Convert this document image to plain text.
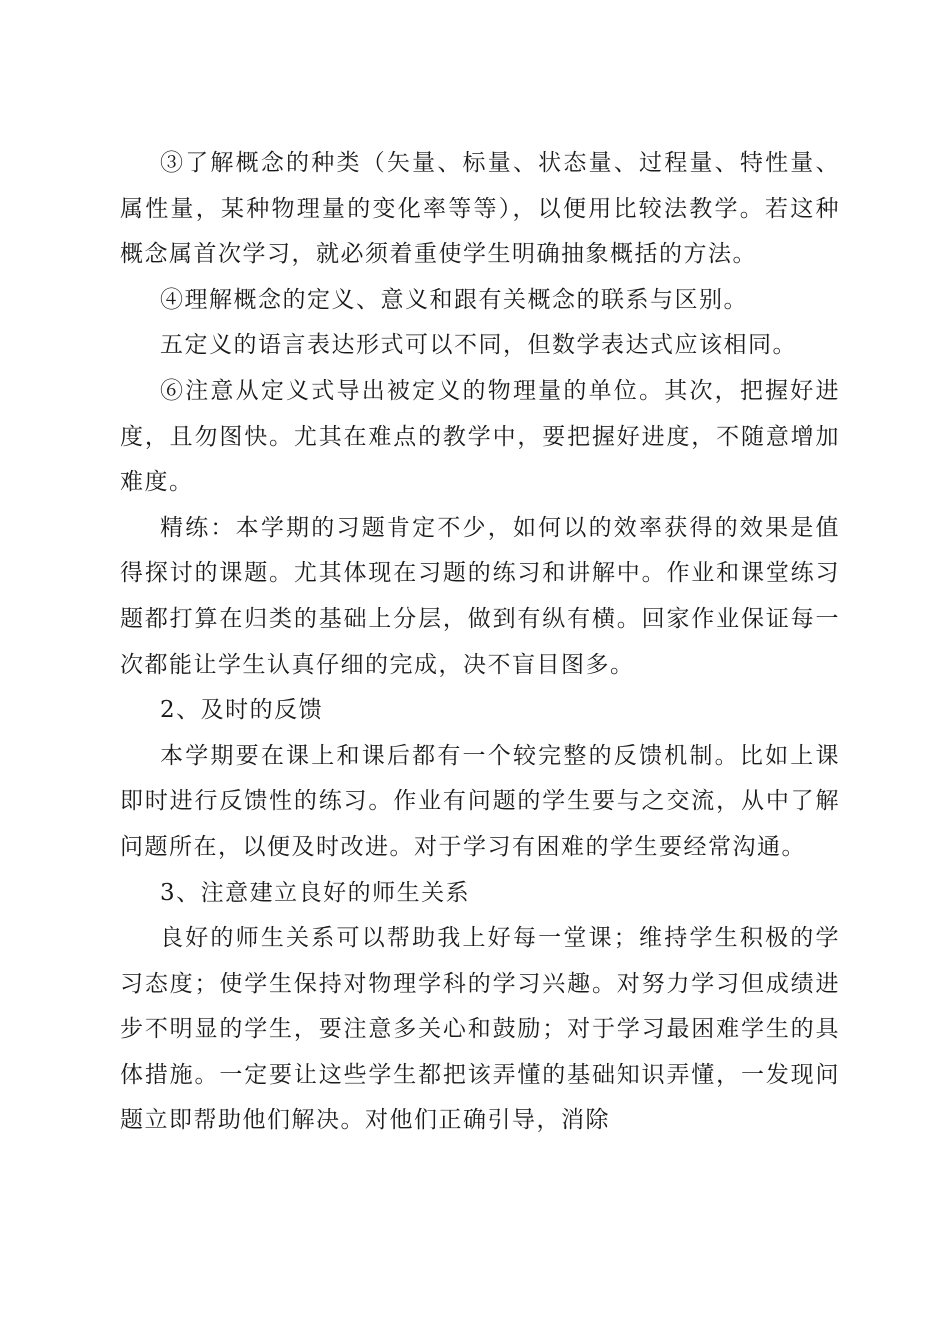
③了解概念的种类（矢量、标量、状态量、过程量、特性量、属性量，某种物理量的变化率等等），以便用比较法教学。若这种概念属首次学习，就必须着重使学生明确抽象概括的方法。

④理解概念的定义、意义和跟有关概念的联系与区别。

五定义的语言表达形式可以不同，但数学表达式应该相同。

⑥注意从定义式导出被定义的物理量的单位。其次，把握好进度，且勿图快。尤其在难点的教学中，要把握好进度，不随意增加难度。

精练：本学期的习题肯定不少，如何以的效率获得的效果是值得探讨的课题。尤其体现在习题的练习和讲解中。作业和课堂练习题都打算在归类的基础上分层，做到有纵有横。回家作业保证每一次都能让学生认真仔细的完成，决不盲目图多。

2、及时的反馈

本学期要在课上和课后都有一个较完整的反馈机制。比如上课即时进行反馈性的练习。作业有问题的学生要与之交流，从中了解问题所在，以便及时改进。对于学习有困难的学生要经常沟通。

3、注意建立良好的师生关系

良好的师生关系可以帮助我上好每一堂课；维持学生积极的学习态度；使学生保持对物理学科的学习兴趣。对努力学习但成绩进步不明显的学生，要注意多关心和鼓励；对于学习最困难学生的具体措施。一定要让这些学生都把该弄懂的基础知识弄懂，一发现问题立即帮助他们解决。对他们正确引导，消除
